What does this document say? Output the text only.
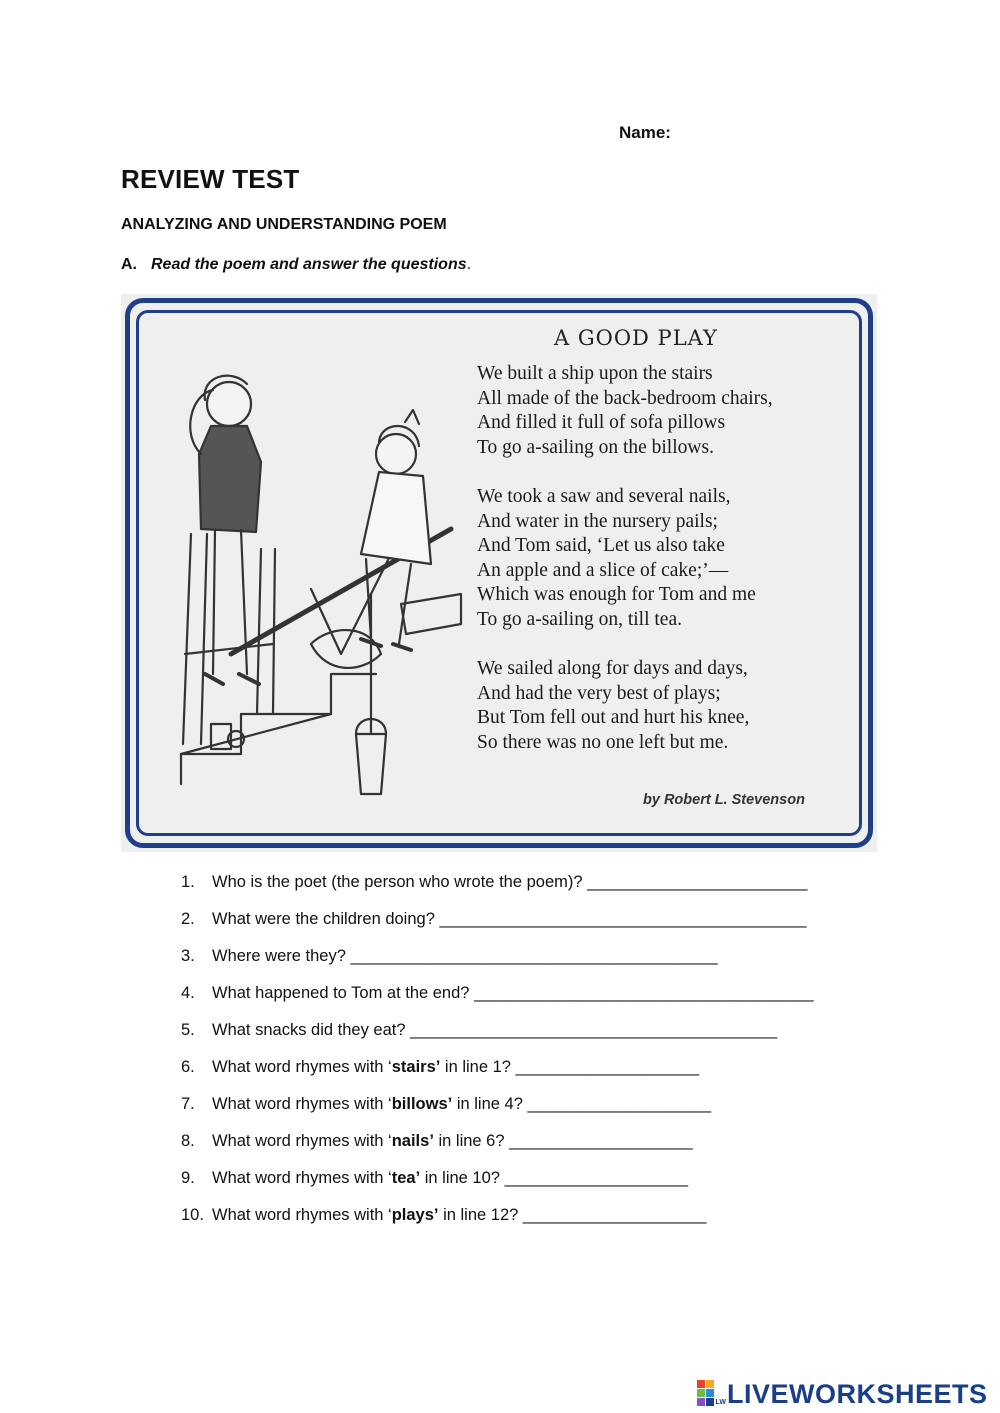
Name:
REVIEW TEST
ANALYZING AND UNDERSTANDING POEM
A. Read the poem and answer the questions.
A GOOD PLAY
We built a ship upon the stairs
All made of the back-bedroom chairs,
And filled it full of sofa pillows
To go a-sailing on the billows.
We took a saw and several nails,
And water in the nursery pails;
And Tom said, ‘Let us also take
An apple and a slice of cake;’—
Which was enough for Tom and me
To go a-sailing on, till tea.
We sailed along for days and days,
And had the very best of plays;
But Tom fell out and hurt his knee,
So there was no one left but me.
by Robert L. Stevenson
1. Who is the poet (the person who wrote the poem)? ________________________
2. What were the children doing? ________________________________________
3. Where were they? ________________________________________
4. What happened to Tom at the end? _____________________________________
5. What snacks did they eat? ________________________________________
6. What word rhymes with ‘stairs’ in line 1? ____________________
7. What word rhymes with ‘billows’ in line 4? ____________________
8. What word rhymes with ‘nails’ in line 6? ____________________
9. What word rhymes with ‘tea’ in line 10? ____________________
10. What word rhymes with ‘plays’ in line 12? ____________________
LW LIVEWORKSHEETS
